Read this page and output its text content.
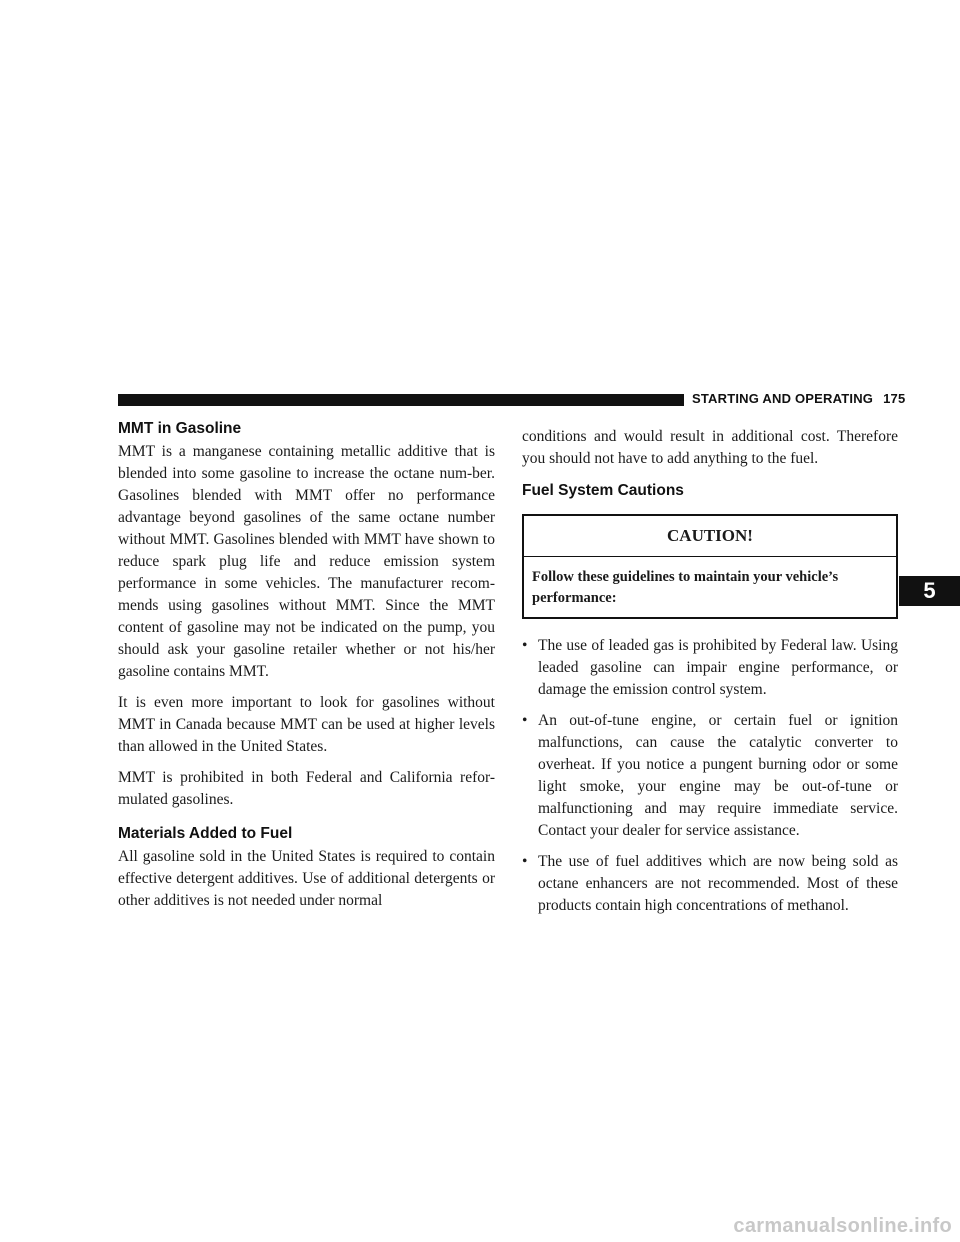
STARTING AND OPERATING 175
MMT in Gasoline

MMT is a manganese containing metallic additive that is blended into some gasoline to increase the octane num-ber. Gasolines blended with MMT offer no performance advantage beyond gasolines of the same octane number without MMT. Gasolines blended with MMT have shown to reduce spark plug life and reduce emission system performance in some vehicles. The manufacturer recom-mends using gasolines without MMT. Since the MMT content of gasoline may not be indicated on the pump, you should ask your gasoline retailer whether or not his/her gasoline contains MMT.

It is even more important to look for gasolines without MMT in Canada because MMT can be used at higher levels than allowed in the United States.

MMT is prohibited in both Federal and California refor-mulated gasolines.

Materials Added to Fuel

All gasoline sold in the United States is required to contain effective detergent additives. Use of additional detergents or other additives is not needed under normal

conditions and would result in additional cost. Therefore you should not have to add anything to the fuel.

Fuel System Cautions
CAUTION!
Follow these guidelines to maintain your vehicle’s performance:
• The use of leaded gas is prohibited by Federal law. Using leaded gasoline can impair engine performance, or damage the emission control system.
• An out-of-tune engine, or certain fuel or ignition malfunctions, can cause the catalytic converter to overheat. If you notice a pungent burning odor or some light smoke, your engine may be out-of-tune or malfunctioning and may require immediate service. Contact your dealer for service assistance.
• The use of fuel additives which are now being sold as octane enhancers are not recommended. Most of these products contain high concentrations of methanol.
5
carmanualsonline.info
